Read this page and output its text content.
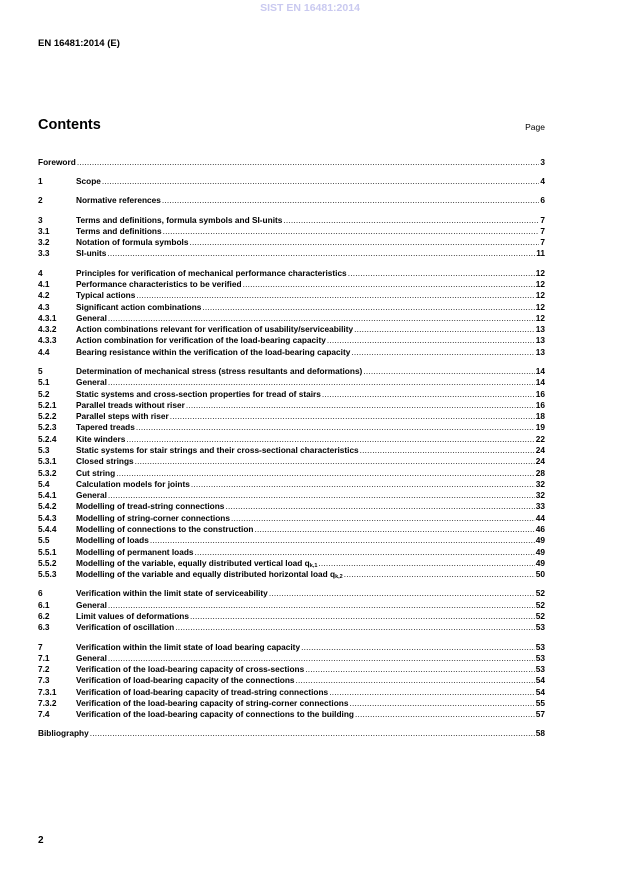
SIST EN 16481:2014
EN 16481:2014 (E)
Contents	Page
Foreword .....	3
1	Scope .....	4
2	Normative references .....	6
3	Terms and definitions, formula symbols and SI-units .....	7
3.1	Terms and definitions .....	7
3.2	Notation of formula symbols .....	7
3.3	SI-units .....	11
4	Principles for verification of mechanical performance characteristics .....	12
4.1	Performance characteristics to be verified .....	12
4.2	Typical actions .....	12
4.3	Significant action combinations .....	12
4.3.1	General .....	12
4.3.2	Action combinations relevant for verification of usability/serviceability .....	13
4.3.3	Action combination for verification of the load-bearing capacity .....	13
4.4	Bearing resistance within the verification of the load-bearing capacity .....	13
5	Determination of mechanical stress (stress resultants and deformations) .....	14
5.1	General .....	14
5.2	Static systems and cross-section properties for tread of stairs .....	16
5.2.1	Parallel treads without riser .....	16
5.2.2	Parallel steps with riser .....	18
5.2.3	Tapered treads .....	19
5.2.4	Kite winders .....	22
5.3	Static systems for stair strings and their cross-sectional characteristics .....	24
5.3.1	Closed strings .....	24
5.3.2	Cut string .....	28
5.4	Calculation models for joints .....	32
5.4.1	General .....	32
5.4.2	Modelling of tread-string connections .....	33
5.4.3	Modelling of string-corner connections .....	44
5.4.4	Modelling of connections to the construction .....	46
5.5	Modelling of loads .....	49
5.5.1	Modelling of permanent loads .....	49
5.5.2	Modelling of the variable, equally distributed vertical load $q_{k,1}$ .....	49
5.5.3	Modelling of the variable and equally distributed horizontal load $q_{k,2}$ .....	50
6	Verification within the limit state of serviceability .....	52
6.1	General .....	52
6.2	Limit values of deformations .....	52
6.3	Verification of oscillation .....	53
7	Verification within the limit state of load bearing capacity .....	53
7.1	General .....	53
7.2	Verification of the load-bearing capacity of cross-sections .....	53
7.3	Verification of load-bearing capacity of the connections .....	54
7.3.1	Verification of load-bearing capacity of tread-string connections .....	54
7.3.2	Verification of the load-bearing capacity of string-corner connections .....	55
7.4	Verification of the load-bearing capacity of connections to the building .....	57
Bibliography .....	58
2
